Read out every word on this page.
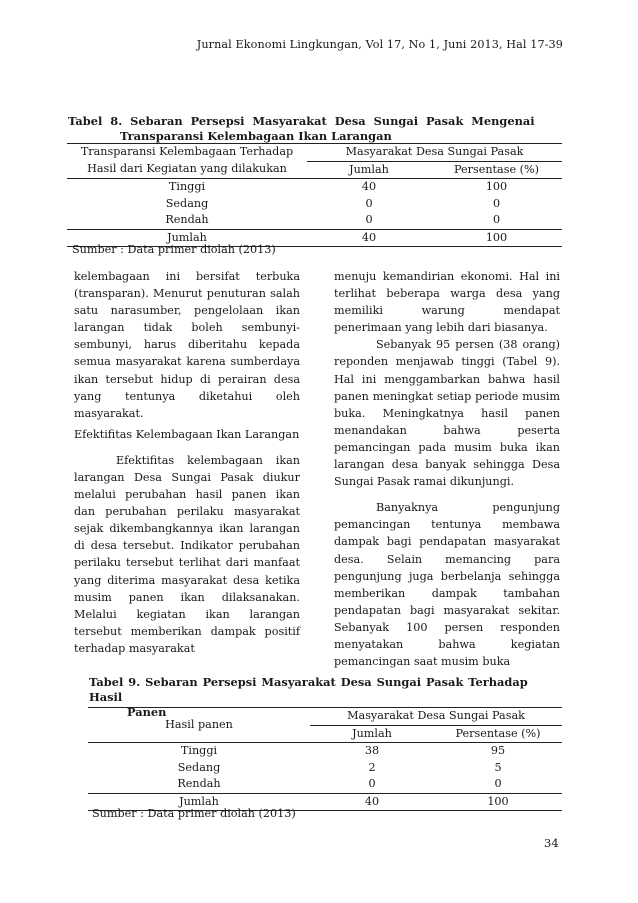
Jurnal Ekonomi Lingkungan, Vol 17, No 1, Juni 2013, Hal 17-39
Tabel 8. Sebaran Persepsi Masyarakat Desa Sungai Pasak Mengenai
Transparansi Kelembagaan Ikan Larangan
Transparansi Kelembagaan Terhadap	Masyarakat Desa Sungai Pasak	
Hasil dari Kegiatan yang dilakukan	Jumlah	Persentase (%)
Tinggi	40	100
Sedang	0	0
Rendah	0	0
Jumlah	40	100
Sumber : Data primer diolah (2013)

kelembagaan ini bersifat terbuka (transparan). Menurut penuturan salah satu narasumber, pengelolaan ikan larangan tidak boleh sembunyi-sembunyi, harus diberitahu kepada semua masyarakat karena sumberdaya ikan tersebut hidup di perairan desa yang tentunya diketahui oleh masyarakat.

Efektifitas Kelembagaan Ikan Larangan

Efektifitas kelembagaan ikan larangan Desa Sungai Pasak diukur melalui perubahan hasil panen ikan dan perubahan perilaku masyarakat sejak dikembangkannya ikan larangan di desa tersebut. Indikator perubahan perilaku tersebut terlihat dari manfaat yang diterima masyarakat desa ketika musim panen ikan dilaksanakan. Melalui kegiatan ikan larangan tersebut memberikan dampak positif terhadap masyarakat

menuju kemandirian ekonomi. Hal ini terlihat beberapa warga desa yang memiliki warung mendapat penerimaan yang lebih dari biasanya.

Sebanyak 95 persen (38 orang) reponden menjawab tinggi (Tabel 9). Hal ini menggambarkan bahwa hasil panen meningkat setiap periode musim buka. Meningkatnya hasil panen menandakan bahwa peserta pemancingan pada musim buka ikan larangan desa banyak sehingga Desa Sungai Pasak ramai dikunjungi.

Banyaknya pengunjung pemancingan tentunya membawa dampak bagi pendapatan masyarakat desa. Selain memancing para pengunjung juga berbelanja sehingga memberikan dampak tambahan pendapatan bagi masyarakat sekitar. Sebanyak 100 persen responden menyatakan bahwa kegiatan pemancingan saat musim buka

Tabel 9. Sebaran Persepsi Masyarakat Desa Sungai Pasak Terhadap Hasil
Panen
Hasil panen	Masyarakat Desa Sungai Pasak	
	Jumlah	Persentase (%)
Tinggi	38	95
Sedang	2	5
Rendah	0	0
Jumlah	40	100
Sumber : Data primer diolah (2013)
34
